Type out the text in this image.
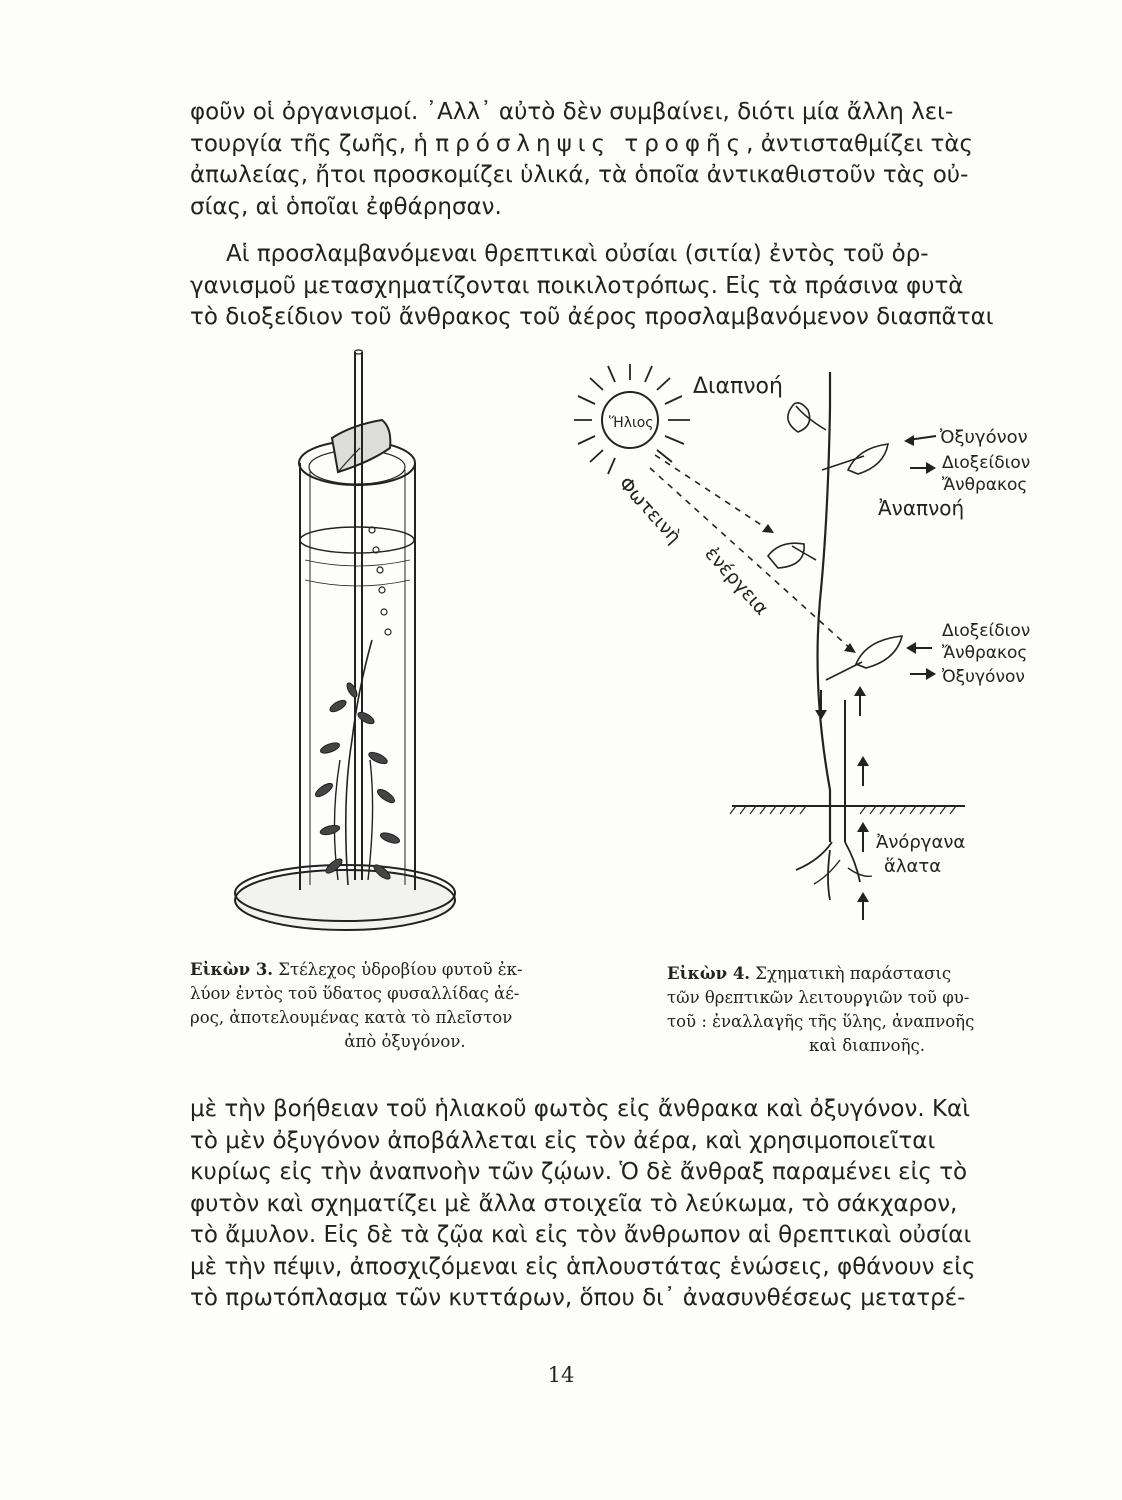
φοῦν οἱ ὀργανισμοί. ᾿Αλλ᾿ αὐτὸ δὲν συμβαίνει, διότι μία ἄλλη λει-
τουργία τῆς ζωῆς, ἡ πρόσληψις τροφῆς, ἀντισταθμίζει τὰς
ἀπωλείας, ἤτοι προσκομίζει ὑλικά, τὰ ὁποῖα ἀντικαθιστοῦν τὰς οὐ-
σίας, αἱ ὁποῖαι ἐφθάρησαν.
Αἱ προσλαμβανόμεναι θρεπτικαὶ οὐσίαι (σιτία) ἐντὸς τοῦ ὀρ-
γανισμοῦ μετασχηματίζονται ποικιλοτρόπως. Εἰς τὰ πράσινα φυτὰ
τὸ διοξείδιον τοῦ ἄνθρακος τοῦ ἀέρος προσλαμβανόμενον διασπᾶται
Ἥλιος
Διαπνοή
Ὀξυγόνον
Διοξείδιον
Ἄνθρακος
Ἀναπνοή
Φωτεινὴ
ἐνέργεια
Διοξείδιον
Ἄνθρακος
Ὀξυγόνον
Ἀνόργανα
ἅλατα
Εἰκὼν 3. Στέλεχος ὑδροβίου φυτοῦ ἐκ-
λύον ἐντὸς τοῦ ὕδατος φυσαλλίδας ἀέ-
ρος, ἀποτελουμένας κατὰ τὸ πλεῖστον
ἀπὸ ὀξυγόνον.
Εἰκὼν 4. Σχηματικὴ παράστασις
τῶν θρεπτικῶν λειτουργιῶν τοῦ φυ-
τοῦ : ἐναλλαγῆς τῆς ὕλης, ἀναπνοῆς
καὶ διαπνοῆς.
μὲ τὴν βοήθειαν τοῦ ἡλιακοῦ φωτὸς εἰς ἄνθρακα καὶ ὀξυγόνον. Καὶ
τὸ μὲν ὀξυγόνον ἀποβάλλεται εἰς τὸν ἀέρα, καὶ χρησιμοποιεῖται
κυρίως εἰς τὴν ἀναπνοὴν τῶν ζῴων. Ὁ δὲ ἄνθραξ παραμένει εἰς τὸ
φυτὸν καὶ σχηματίζει μὲ ἄλλα στοιχεῖα τὸ λεύκωμα, τὸ σάκχαρον,
τὸ ἄμυλον. Εἰς δὲ τὰ ζῷα καὶ εἰς τὸν ἄνθρωπον αἱ θρεπτικαὶ οὐσίαι
μὲ τὴν πέψιν, ἀποσχιζόμεναι εἰς ἁπλουστάτας ἑνώσεις, φθάνουν εἰς
τὸ πρωτόπλασμα τῶν κυττάρων, ὅπου δι᾿ ἀνασυνθέσεως μετατρέ-
14
